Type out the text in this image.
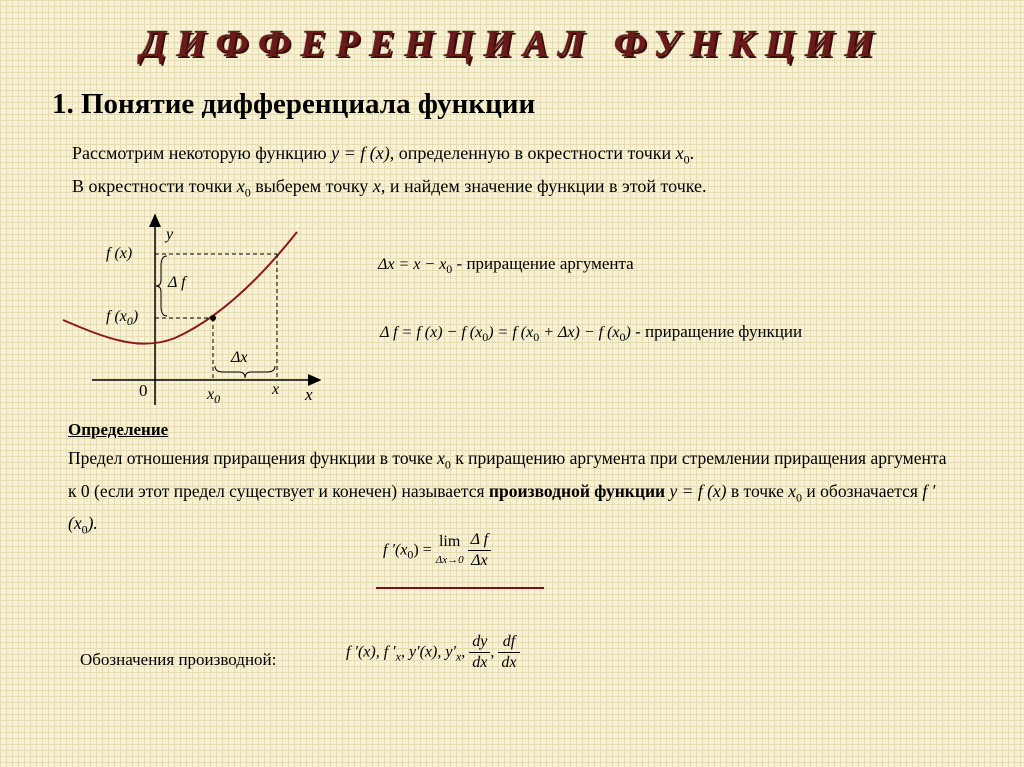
ДИФФЕРЕНЦИАЛ ФУНКЦИИ
1. Понятие дифференциала функции
Рассмотрим некоторую функцию y = f (x), определенную в окрестности точки $x_0$.
В окрестности точки $x_0$ выберем точку x, и найдем значение функции в этой точке.
y
x
0
f (x)
f $(x_0)$
Δ f
Δx
$x_0$
x
$\Delta x = x - x_0$ - приращение аргумента
Δ f = f (x) − f $(x_0) = f$ $(x_0 + \Delta x) - f$ $(x_0)$ - приращение функции
Определение
Предел отношения приращения функции в точке $x_0$ к приращению аргумента при стремлении приращения аргумента к 0 (если этот предел существует и конечен) называется производной функции y = f (x) в точке $x_0$ и обозначается f $'(x_0)$.
f $'(x_0)$ =
lim
Δx→0
$\frac{\text{Δ f}}{\Delta x}$
Обозначения производной:	f ′(x), f $'_x$, y′(x), $y'_x$, $\frac{dy}{dx}$ , $\frac{df}{dx}$
